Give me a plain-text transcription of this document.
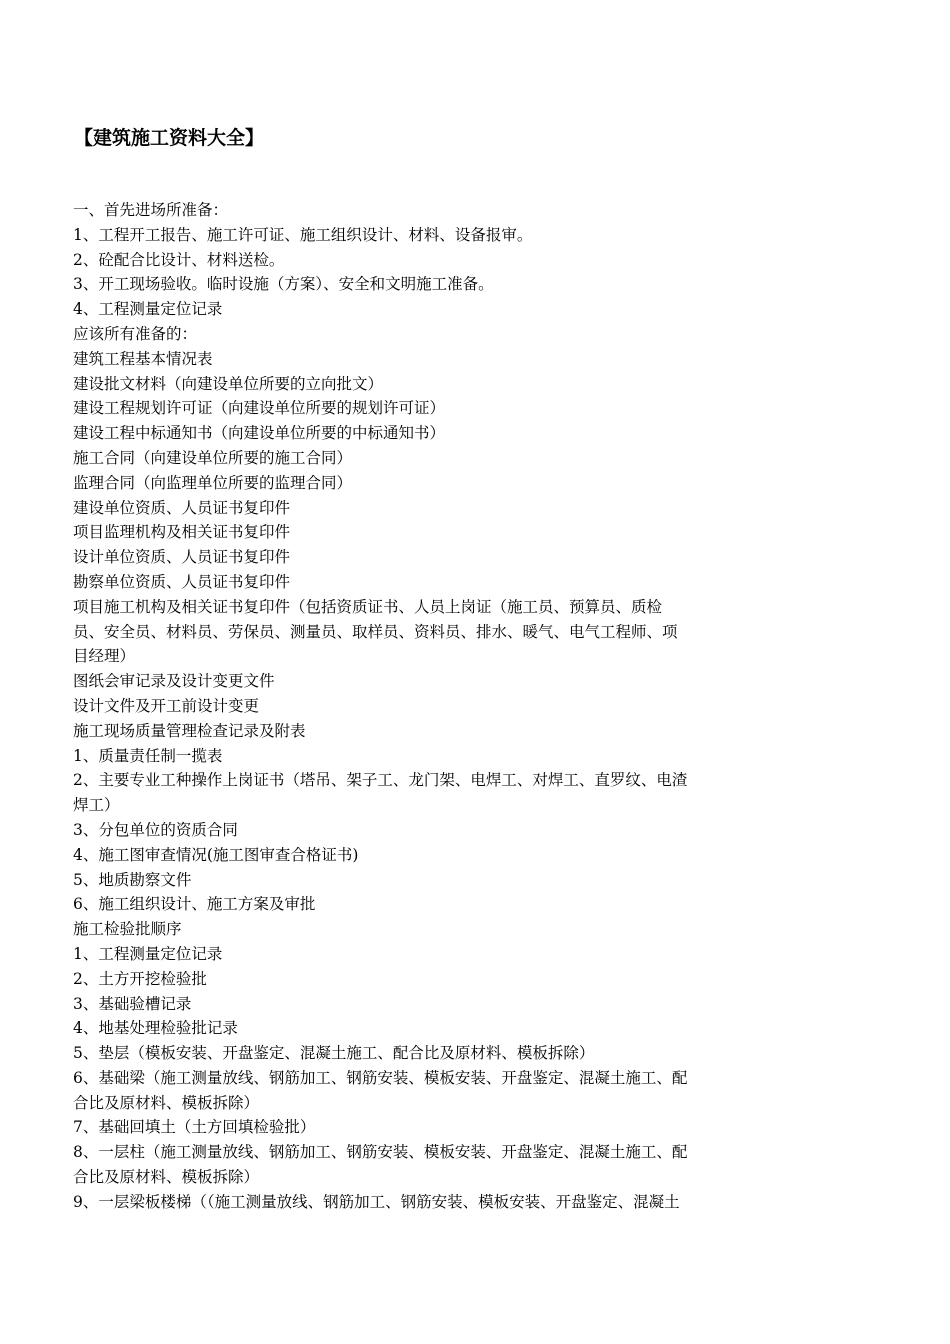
【建筑施工资料大全】

一、首先进场所准备：

1、工程开工报告、施工许可证、施工组织设计、材料、设备报审。

2、砼配合比设计、材料送检。

3、开工现场验收。临时设施（方案）、安全和文明施工准备。

4、工程测量定位记录

应该所有准备的：

建筑工程基本情况表

建设批文材料（向建设单位所要的立向批文）

建设工程规划许可证（向建设单位所要的规划许可证）

建设工程中标通知书（向建设单位所要的中标通知书）

施工合同（向建设单位所要的施工合同）

监理合同（向监理单位所要的监理合同）

建设单位资质、人员证书复印件

项目监理机构及相关证书复印件

设计单位资质、人员证书复印件

勘察单位资质、人员证书复印件

项目施工机构及相关证书复印件（包括资质证书、人员上岗证（施工员、预算员、质检

员、安全员、材料员、劳保员、测量员、取样员、资料员、排水、暖气、电气工程师、项

目经理）

图纸会审记录及设计变更文件

设计文件及开工前设计变更

施工现场质量管理检查记录及附表

1、质量责任制一揽表

2、主要专业工种操作上岗证书（塔吊、架子工、龙门架、电焊工、对焊工、直罗纹、电渣

焊工）

3、分包单位的资质合同

4、施工图审查情况(施工图审查合格证书)

5、地质勘察文件

6、施工组织设计、施工方案及审批

施工检验批顺序

1、工程测量定位记录

2、土方开挖检验批

3、基础验槽记录

4、地基处理检验批记录

5、垫层（模板安装、开盘鉴定、混凝土施工、配合比及原材料、模板拆除）

6、基础梁（施工测量放线、钢筋加工、钢筋安装、模板安装、开盘鉴定、混凝土施工、配

合比及原材料、模板拆除）

7、基础回填土（土方回填检验批）

8、一层柱（施工测量放线、钢筋加工、钢筋安装、模板安装、开盘鉴定、混凝土施工、配

合比及原材料、模板拆除）

9、一层梁板楼梯（（施工测量放线、钢筋加工、钢筋安装、模板安装、开盘鉴定、混凝土
